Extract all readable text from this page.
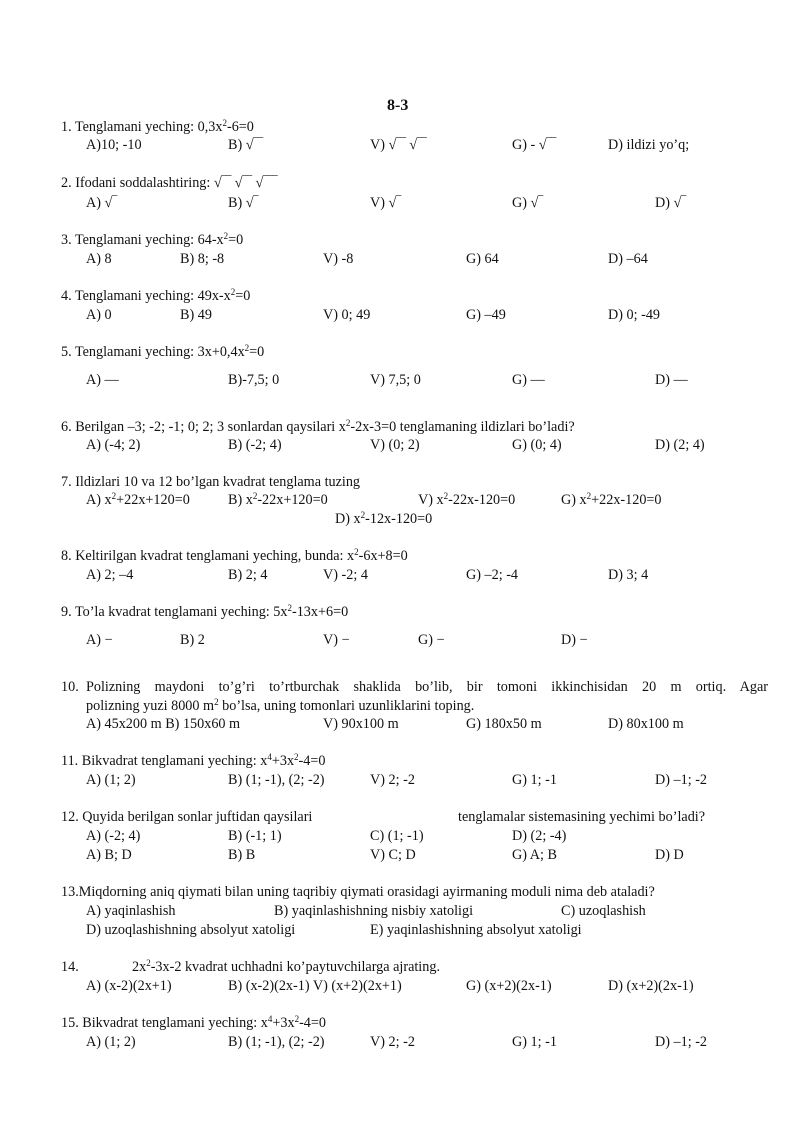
8-3
1. Tenglamani yeching: $0,3x^2-6=0$
A)10; -10	B) √‾‾	V) √‾‾ √‾‾	G) - √‾‾	D) ildizi yo’q;
2. Ifodani soddalashtiring: √‾‾ √‾‾ √‾‾‾
A) √‾	B) √‾	V) √‾	G) √‾	D) √‾
3. Tenglamani yeching: $64-x^2=0$
A) 8	B) 8; -8	V) -8	G) 64	D) –64
4. Tenglamani yeching: $49x-x^2=0$
A) 0	B) 49	V) 0; 49	G) –49	D) 0; -49
5. Tenglamani yeching: $3x+0,4x^2=0$
A) —	B)-7,5; 0	V) 7,5; 0	G) —	D) —
6. Berilgan –3; -2; -1; 0; 2; 3 sonlardan qaysilari $x^2-2x-3=0$ tenglamaning ildizlari bo’ladi?
A) (-4; 2)	B) (-2; 4)	V) (0; 2)	G) (0; 4)	D) (2; 4)
7. Ildizlari 10 va 12 bo’lgan kvadrat tenglama tuzing
A) $x^2+22x+120=0$	B) $x^2-22x+120=0$	V) $x^2-22x-120=0$	G) $x^2+22x-120=0$
D) $x^2-12x-120=0$
8. Keltirilgan kvadrat tenglamani yeching, bunda: $x^2-6x+8=0$
A) 2; –4	B) 2; 4	V) -2; 4	G) –2; -4	D) 3; 4
9. To’la kvadrat tenglamani yeching: $5x^2-13x+6=0$
A) −	B) 2	V) −	G) −	D) −
10. Polizning maydoni to’g’ri to’rtburchak shaklida bo’lib, bir tomoni ikkinchisidan 20 m ortiq. Agar
polizning yuzi 8000 $m^2$ bo’lsa, uning tomonlari uzunliklarini toping.
A) 45x200 m B) 150x60 m	V) 90x100 m	G) 180x50 m	D) 80x100 m
11. Bikvadrat tenglamani yeching: $x^4+3x^2-4=0$
A) (1; 2)	B) (1; -1), (2; -2)	V) 2; -2	G) 1; -1	D) –1; -2
12. Quyida berilgan sonlar juftidan qaysilari	tenglamalar sistemasining yechimi bo’ladi?
A) (-2; 4)	B) (-1; 1)	C) (1; -1)	D) (2; -4)
A) B; D	B) B	V) C; D	G) A; B	D) D
13.Miqdorning aniq qiymati bilan uning taqribiy qiymati orasidagi ayirmaning moduli nima deb ataladi?
A) yaqinlashish	B) yaqinlashishning nisbiy xatoligi	C) uzoqlashish
D) uzoqlashishning absolyut xatoligi	E) yaqinlashishning absolyut xatoligi
14.	$2x^2-3x-2$ kvadrat uchhadni ko’paytuvchilarga ajrating.
A) (x-2)(2x+1)	B) (x-2)(2x-1) V) (x+2)(2x+1)	G) (x+2)(2x-1)	D) (x+2)(2x-1)
15. Bikvadrat tenglamani yeching: $x^4+3x^2-4=0$
A) (1; 2)	B) (1; -1), (2; -2)	V) 2; -2	G) 1; -1	D) –1; -2
